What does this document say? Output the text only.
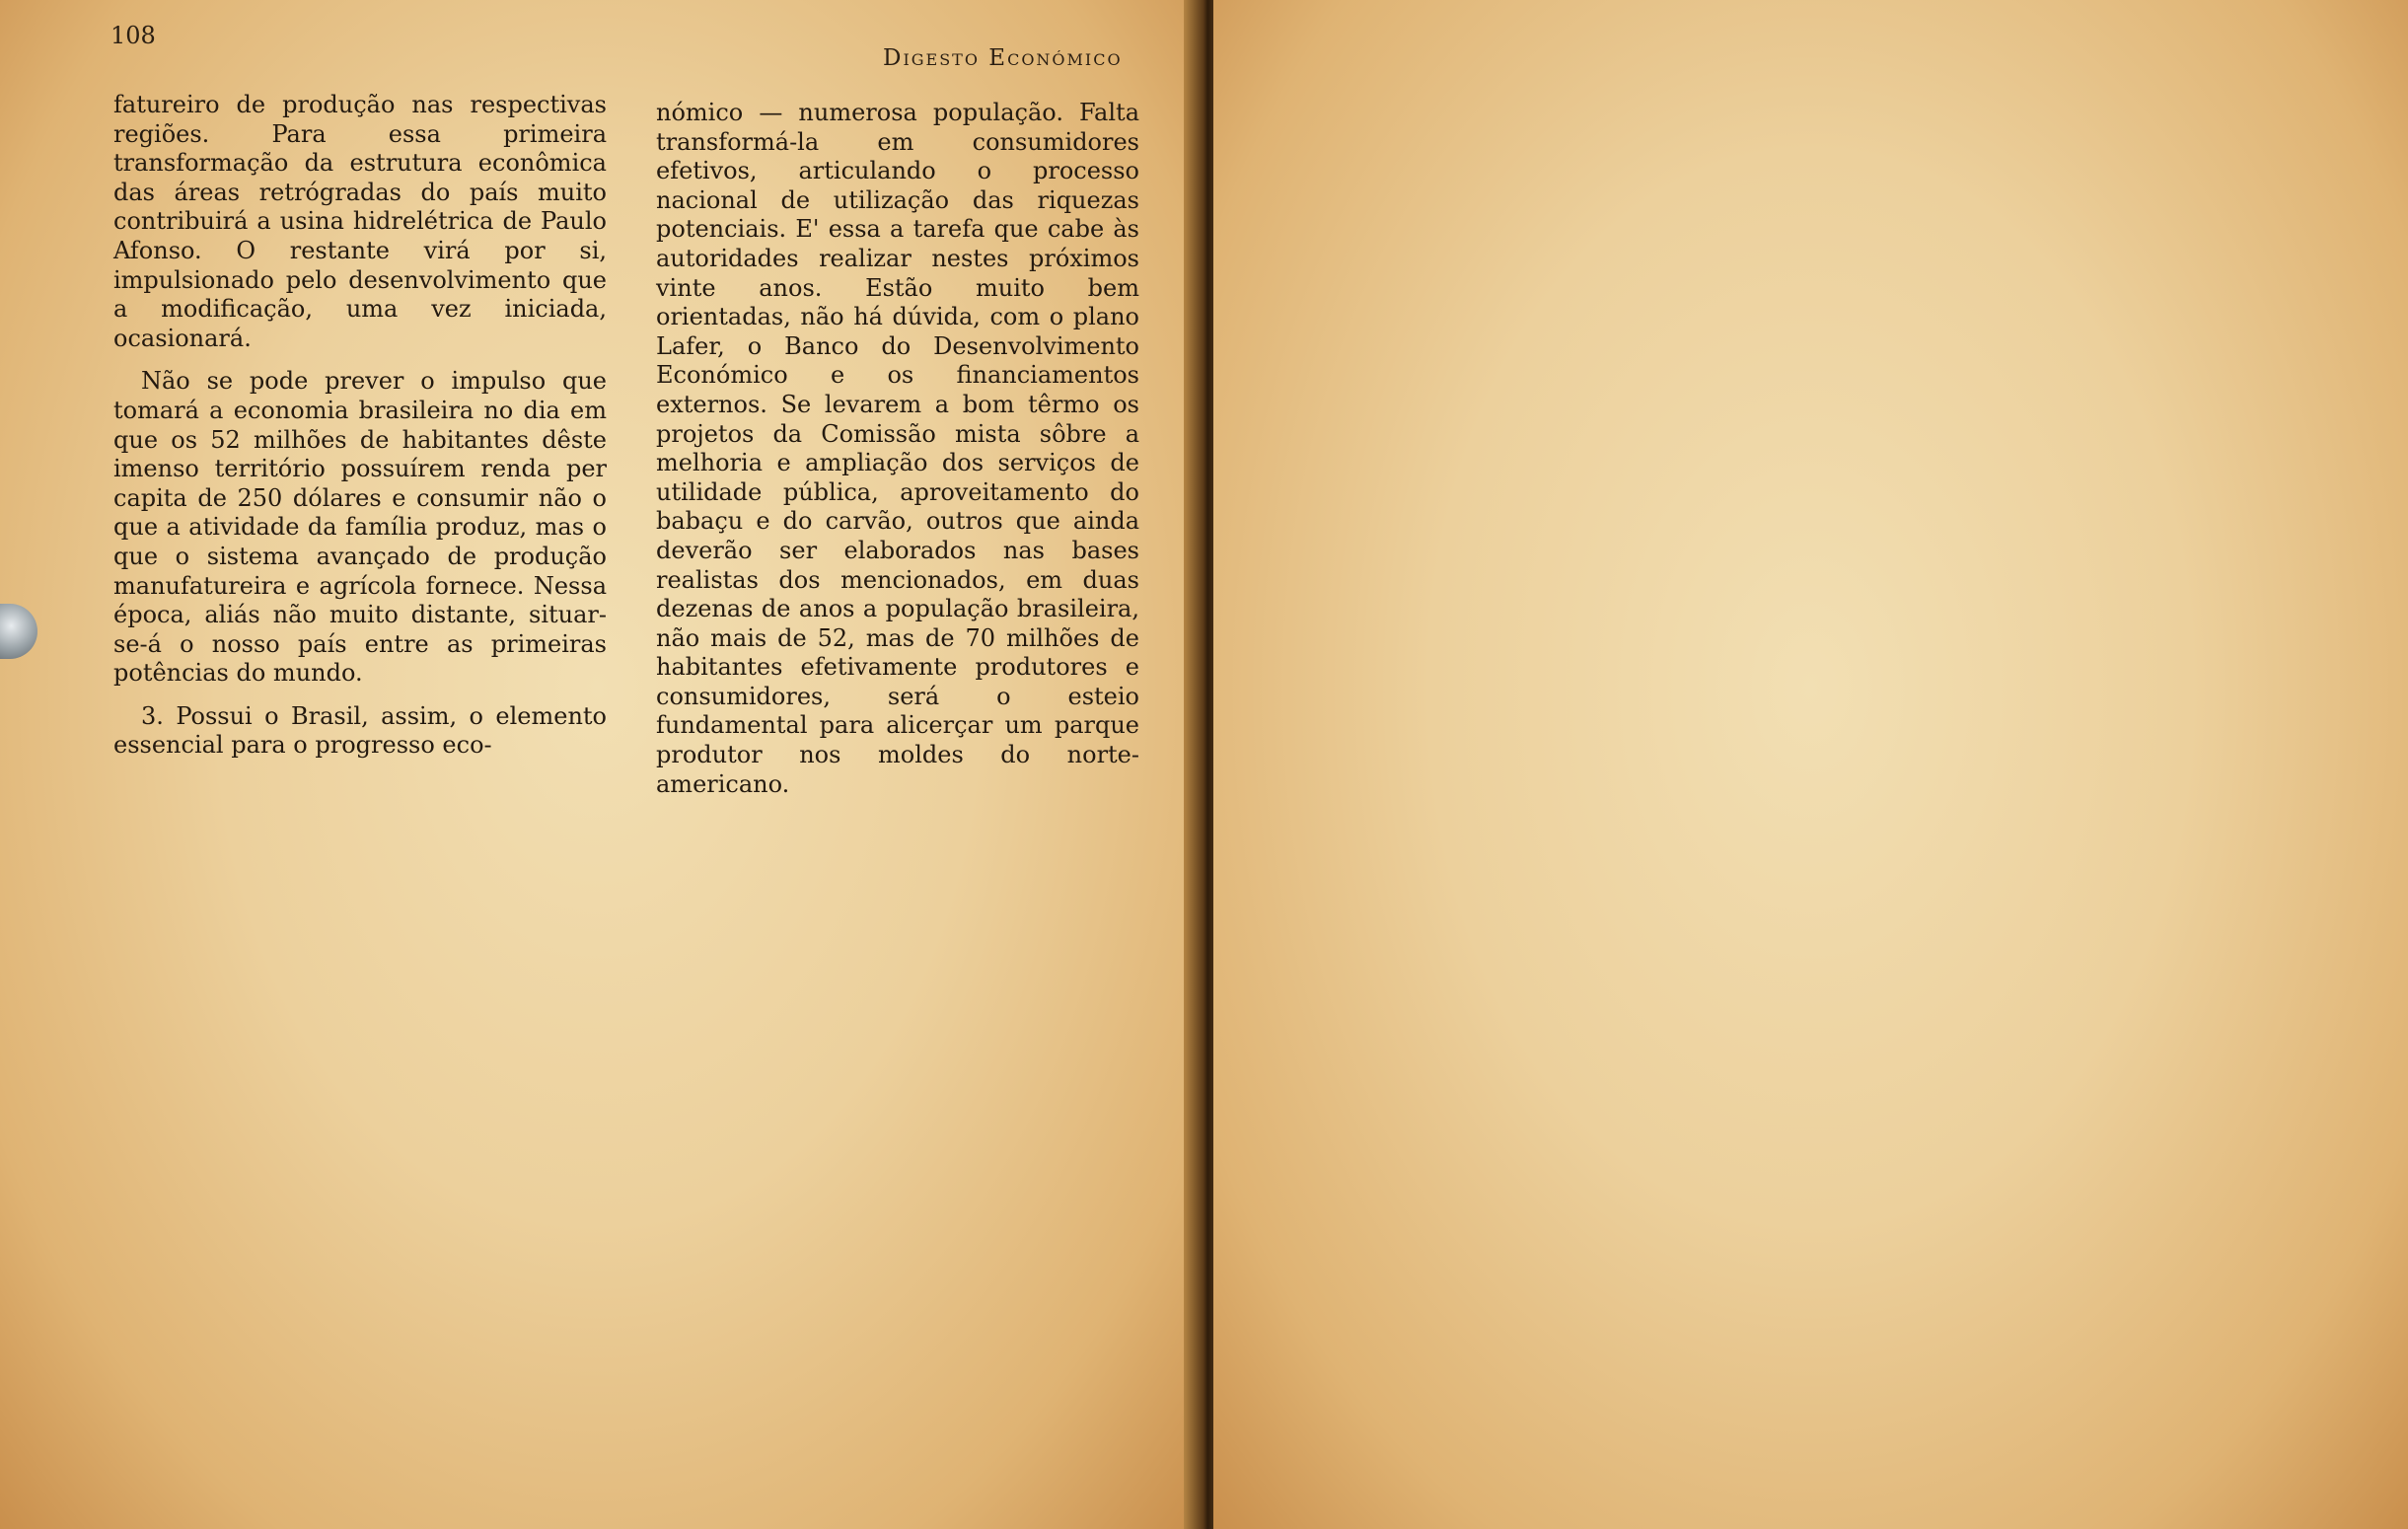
108
Digesto Económico

fatureiro de produção nas respectivas regiões. Para essa primeira transformação da estrutura econômica das áreas retrógradas do país muito contribuirá a usina hidrelétrica de Paulo Afonso. O restante virá por si, impulsionado pelo desenvolvimento que a modificação, uma vez iniciada, ocasionará.

Não se pode prever o impulso que tomará a economia brasileira no dia em que os 52 milhões de habitantes dêste imenso território possuírem renda per capita de 250 dólares e consumir não o que a atividade da família produz, mas o que o sistema avançado de produção manufatureira e agrícola fornece. Nessa época, aliás não muito distante, situar-se-á o nosso país entre as primeiras potências do mundo.

3. Possui o Brasil, assim, o elemento essencial para o progresso eco-

nómico — numerosa população. Falta transformá-la em consumidores efetivos, articulando o processo nacional de utilização das riquezas potenciais. E' essa a tarefa que cabe às autoridades realizar nestes próximos vinte anos. Estão muito bem orientadas, não há dúvida, com o plano Lafer, o Banco do Desenvolvimento Económico e os financiamentos externos. Se levarem a bom têrmo os projetos da Comissão mista sôbre a melhoria e ampliação dos serviços de utilidade pública, aproveitamento do babaçu e do carvão, outros que ainda deverão ser elaborados nas bases realistas dos mencionados, em duas dezenas de anos a população brasileira, não mais de 52, mas de 70 milhões de habitantes efetivamente produtores e consumidores, será o esteio fundamental para alicerçar um parque produtor nos moldes do norte-americano.
